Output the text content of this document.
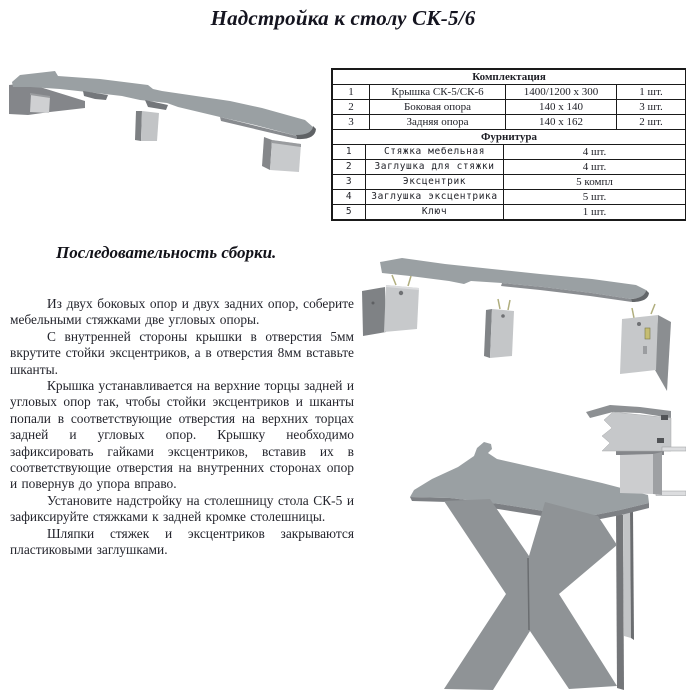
Надстройка к столу СК-5/6
Комплектация			
1	Крышка СК-5/СК-6	1400/1200 x 300	1 шт.
2	Боковая опора	140 x 140	3 шт.
3	Задняя опора	140 x 162	2 шт.
Фурнитура		
1	Стяжка мебельная	4 шт.
2	Заглушка для стяжки	4 шт.
3	Эксцентрик	5 компл
4	Заглушка эксцентрика	5 шт.
5	Ключ	1 шт.
Последовательность сборки.

Из двух боковых опор и двух задних опор, соберите мебельными стяжками две угловых опоры.

С внутренней стороны крышки в отверстия 5мм вкрутите стойки эксцентриков, а в отверстия 8мм вставьте шканты.

Крышка устанавливается на верхние торцы задней и угловых опор так, чтобы стойки эксцентриков и шканты попали в соответствующие отверстия на верхних торцах задней и угловых опор. Крышку необходимо зафиксировать гайками эксцентриков, вставив их в соответствующие отверстия на внутренних сторонах опор и повернув до упора вправо.

Установите надстройку на столешницу стола СК-5 и зафиксируйте стяжками к задней кромке столешницы.

Шляпки стяжек и эксцентриков закрываются пластиковыми заглушками.
